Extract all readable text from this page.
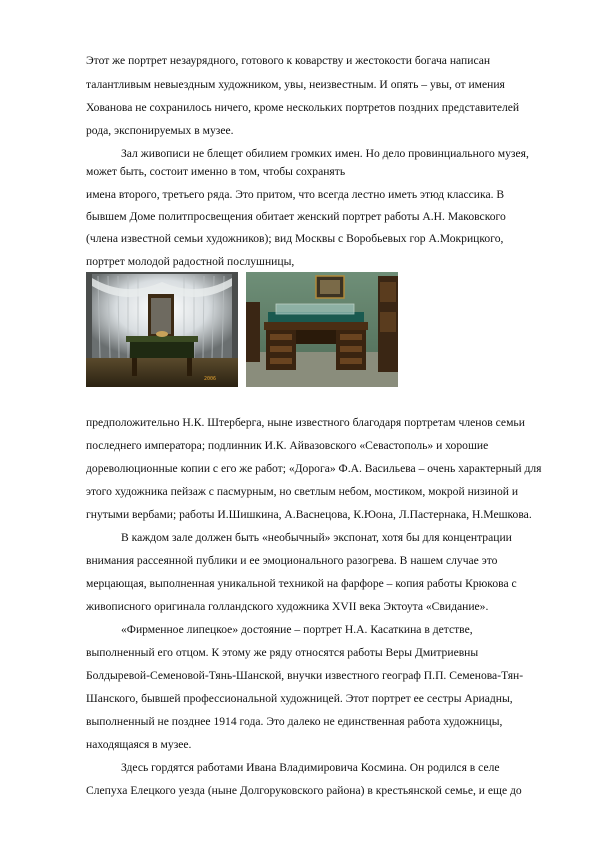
Этот же портрет незаурядного, готового к коварству и жестокости богача написан
талантливым невыездным художником, увы, неизвестным. И опять – увы, от имения
Хованова не сохранилось ничего, кроме нескольких портретов поздних представителей
рода, экспонируемых в музее.
Зал живописи не блещет обилием громких имен. Но дело провинциального музея,
может быть, состоит именно в том, чтобы сохранять
имена второго, третьего ряда. Это притом, что всегда лестно иметь этюд классика. В
бывшем Доме политпросвещения обитает женский портрет работы А.Н. Маковского
(члена известной семьи художников); вид Москвы с Воробьевых гор А.Мокрицкого,
портрет молодой радостной послушницы,
2006
предположительно Н.К. Штерберга, ныне известного благодаря портретам членов семьи
последнего императора; подлинник И.К. Айвазовского «Севастополь» и хорошие
дореволюционные копии с его же работ; «Дорога» Ф.А. Васильева – очень характерный для
этого художника пейзаж с пасмурным, но светлым небом, мостиком, мокрой низиной и
гнутыми вербами; работы И.Шишкина, А.Васнецова, К.Юона, Л.Пастернака, Н.Мешкова.
В каждом зале должен быть «необычный» экспонат, хотя бы для концентрации
внимания рассеянной публики и ее эмоционального разогрева. В нашем случае это
мерцающая, выполненная уникальной техникой на фарфоре – копия работы Крюкова с
живописного оригинала голландского художника XVII века Эктоута «Свидание».
«Фирменное липецкое» достояние – портрет Н.А. Касаткина в детстве,
выполненный его отцом. К этому же ряду относятся работы Веры Дмитриевны
Болдыревой-Семеновой-Тянь-Шанской, внучки известного географ П.П. Семенова-Тян-
Шанского, бывшей профессиональной художницей. Этот портрет ее сестры Ариадны,
выполненный не позднее 1914 года. Это далеко не единственная работа художницы,
находящаяся в музее.
Здесь гордятся работами Ивана Владимировича Космина. Он родился в селе
Слепуха Елецкого уезда (ныне Долгоруковского района) в крестьянской семье, и еще до
